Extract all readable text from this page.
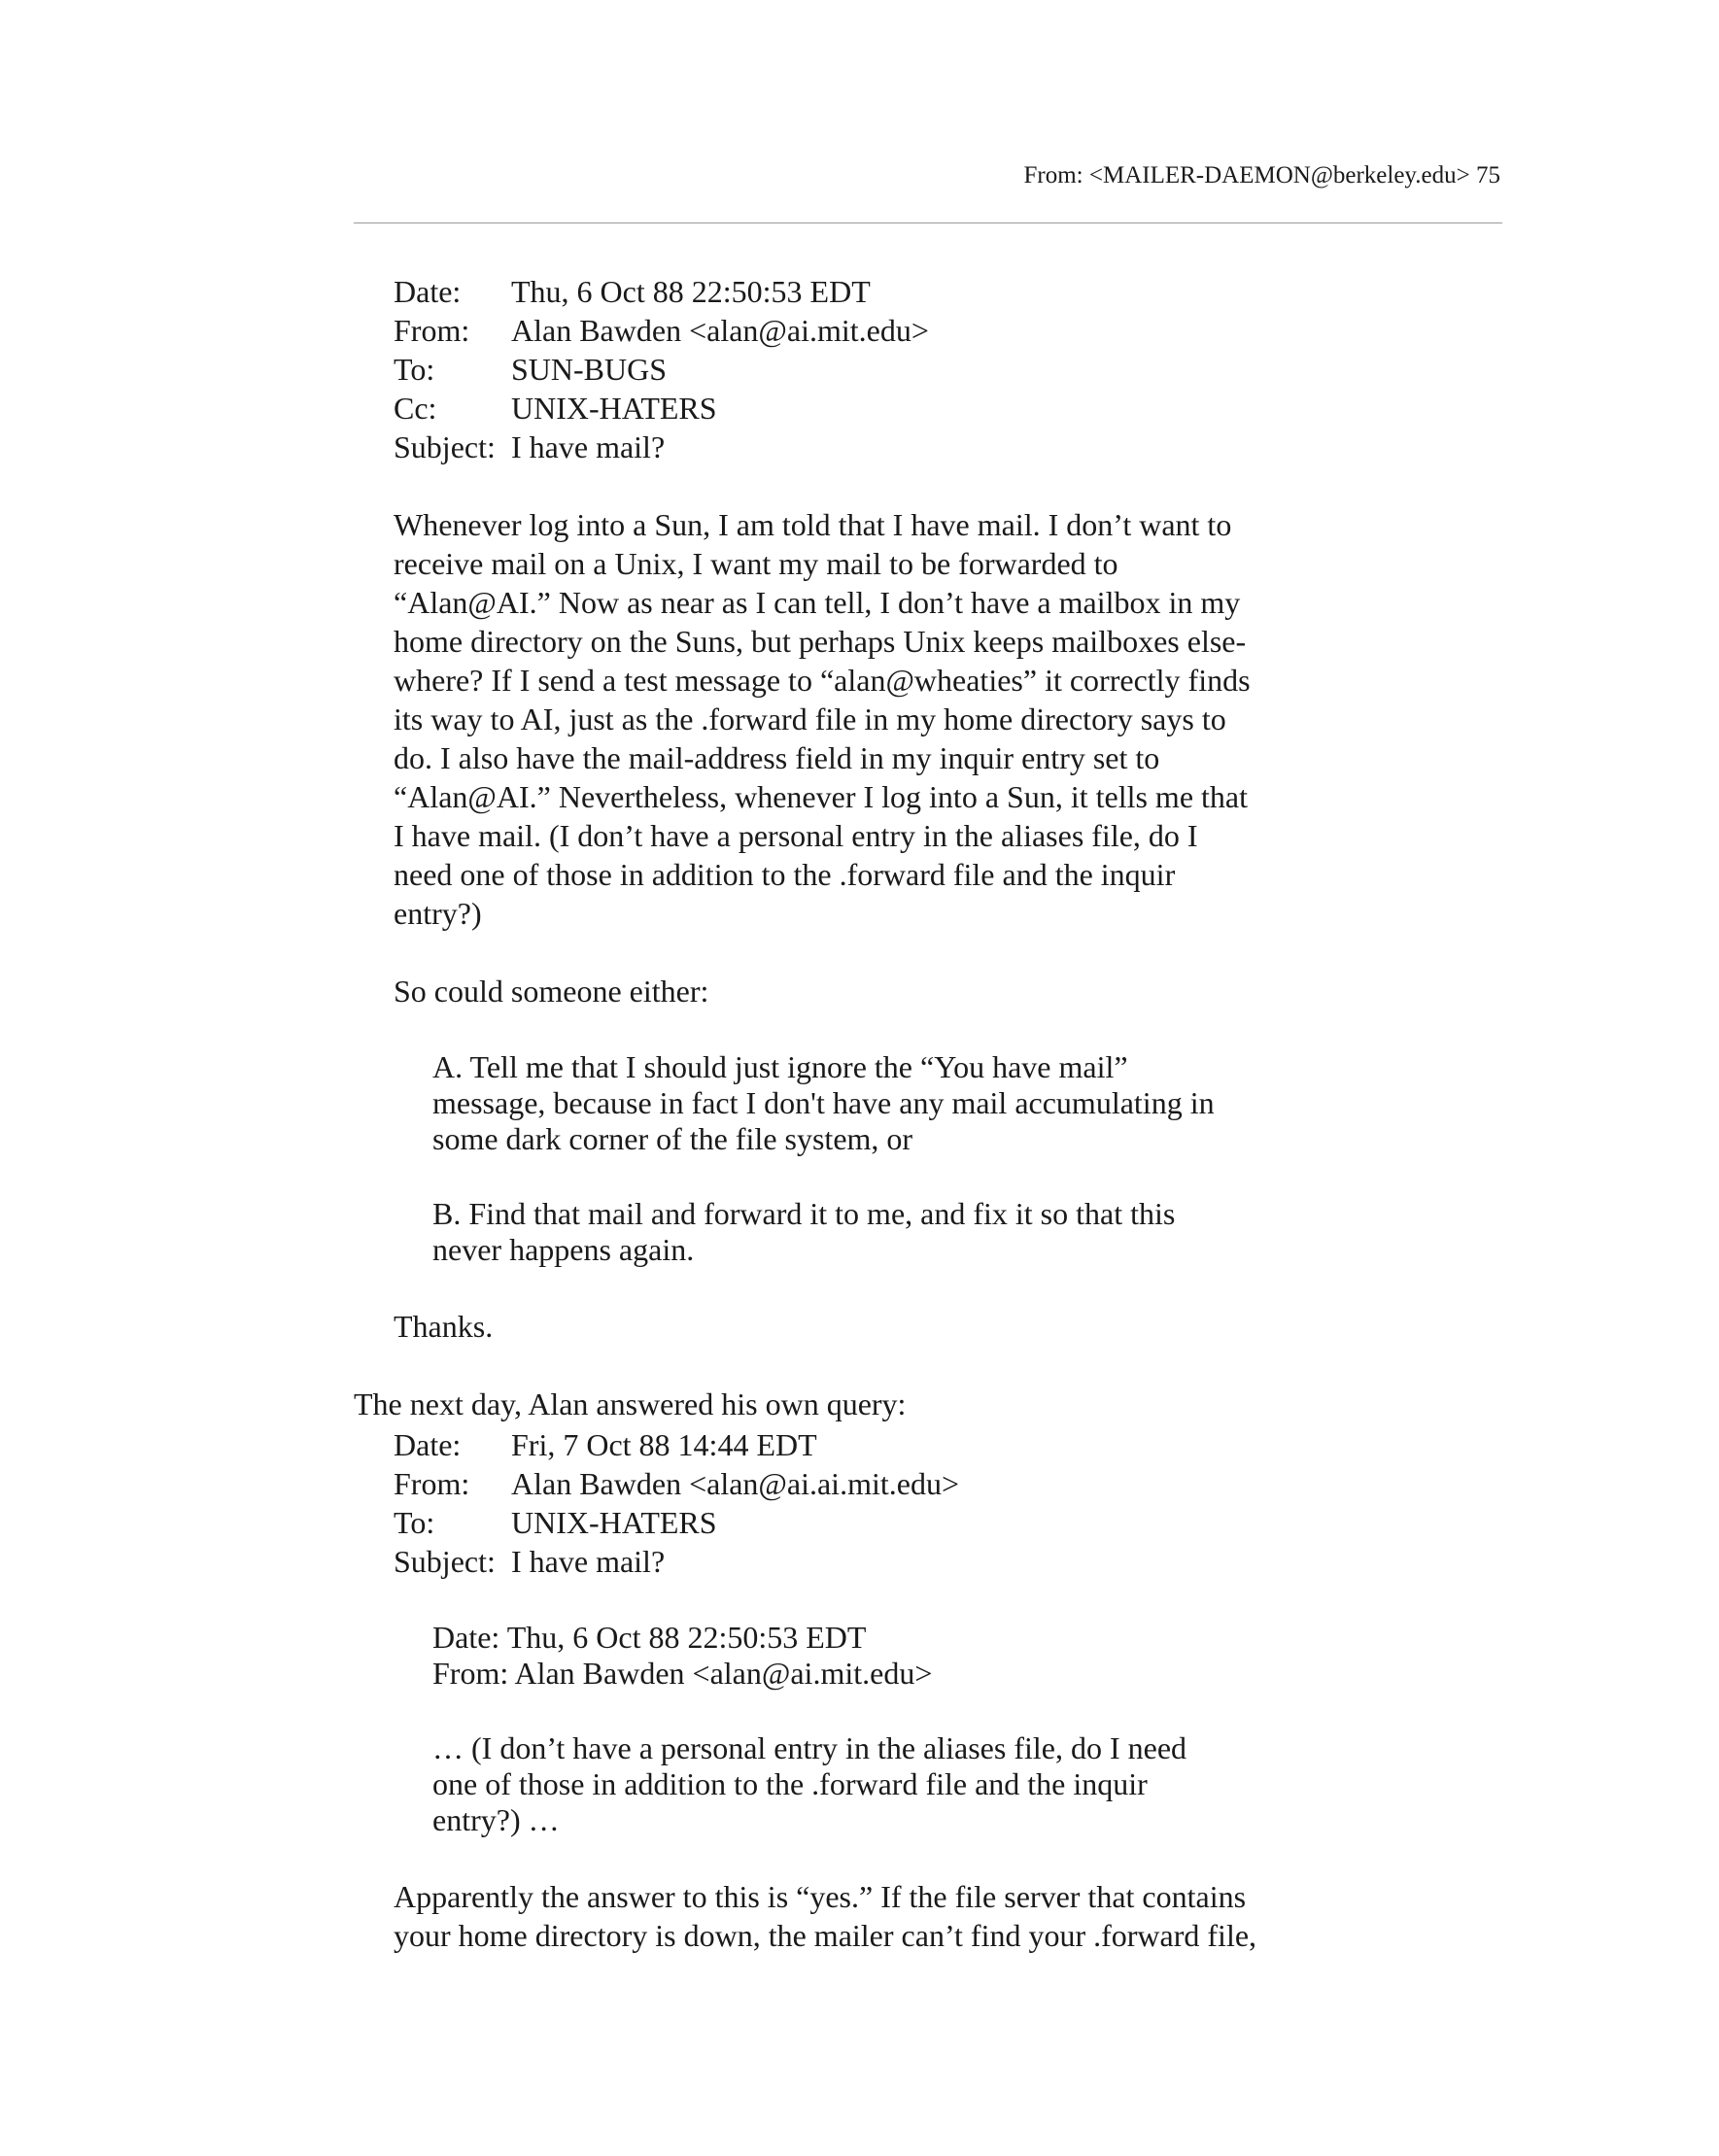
From: <MAILER-DAEMON@berkeley.edu> 75
Date:	Thu, 6 Oct 88 22:50:53 EDT
From:	Alan Bawden <alan@ai.mit.edu>
To:	SUN-BUGS
Cc:	UNIX-HATERS
Subject: I have mail?
Whenever log into a Sun, I am told that I have mail. I don’t want to
receive mail on a Unix, I want my mail to be forwarded to
“Alan@AI.” Now as near as I can tell, I don’t have a mailbox in my
home directory on the Suns, but perhaps Unix keeps mailboxes else-
where? If I send a test message to “alan@wheaties” it correctly finds
its way to AI, just as the .forward file in my home directory says to
do. I also have the mail-address field in my inquir entry set to
“Alan@AI.” Nevertheless, whenever I log into a Sun, it tells me that
I have mail. (I don’t have a personal entry in the aliases file, do I
need one of those in addition to the .forward file and the inquir
entry?)
So could someone either:
A. Tell me that I should just ignore the “You have mail”
message, because in fact I don't have any mail accumulating in
some dark corner of the file system, or
B. Find that mail and forward it to me, and fix it so that this
never happens again.
Thanks.
The next day, Alan answered his own query:
Date:	Fri, 7 Oct 88 14:44 EDT
From:	Alan Bawden <alan@ai.ai.mit.edu>
To:	UNIX-HATERS
Subject: I have mail?
Date: Thu, 6 Oct 88 22:50:53 EDT
From: Alan Bawden <alan@ai.mit.edu>
… (I don’t have a personal entry in the aliases file, do I need
one of those in addition to the .forward file and the inquir
entry?) …
Apparently the answer to this is “yes.” If the file server that contains
your home directory is down, the mailer can’t find your .forward file,
